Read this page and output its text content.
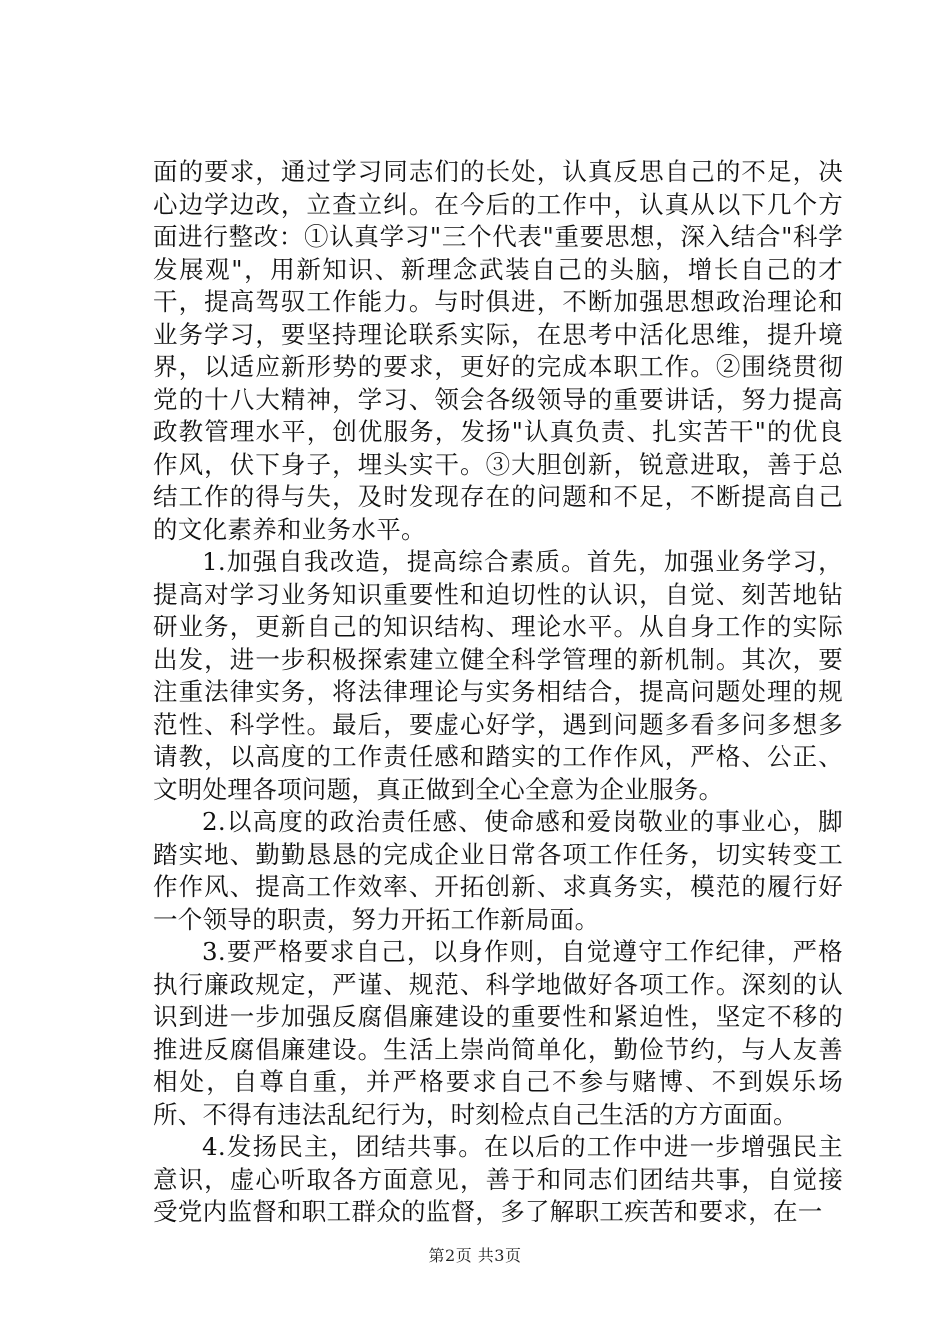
面的要求，通过学习同志们的长处，认真反思自己的不足，决心边学边改，立查立纠。在今后的工作中，认真从以下几个方面进行整改：①认真学习"三个代表"重要思想，深入结合"科学发展观"，用新知识、新理念武装自己的头脑，增长自己的才干，提高驾驭工作能力。与时俱进，不断加强思想政治理论和业务学习，要坚持理论联系实际，在思考中活化思维，提升境界，以适应新形势的要求，更好的完成本职工作。②围绕贯彻党的十八大精神，学习、领会各级领导的重要讲话，努力提高政教管理水平，创优服务，发扬"认真负责、扎实苦干"的优良作风，伏下身子，埋头实干。③大胆创新，锐意进取，善于总结工作的得与失，及时发现存在的问题和不足，不断提高自己的文化素养和业务水平。

1.加强自我改造，提高综合素质。首先，加强业务学习，提高对学习业务知识重要性和迫切性的认识，自觉、刻苦地钻研业务，更新自己的知识结构、理论水平。从自身工作的实际出发，进一步积极探索建立健全科学管理的新机制。其次，要注重法律实务，将法律理论与实务相结合，提高问题处理的规范性、科学性。最后，要虚心好学，遇到问题多看多问多想多请教，以高度的工作责任感和踏实的工作作风，严格、公正、文明处理各项问题，真正做到全心全意为企业服务。

2.以高度的政治责任感、使命感和爱岗敬业的事业心，脚踏实地、勤勤恳恳的完成企业日常各项工作任务，切实转变工作作风、提高工作效率、开拓创新、求真务实，模范的履行好一个领导的职责，努力开拓工作新局面。

3.要严格要求自己，以身作则，自觉遵守工作纪律，严格执行廉政规定，严谨、规范、科学地做好各项工作。深刻的认识到进一步加强反腐倡廉建设的重要性和紧迫性，坚定不移的推进反腐倡廉建设。生活上崇尚简单化，勤俭节约，与人友善相处，自尊自重，并严格要求自己不参与赌博、不到娱乐场所、不得有违法乱纪行为，时刻检点自己生活的方方面面。

4.发扬民主，团结共事。在以后的工作中进一步增强民主意识，虚心听取各方面意见，善于和同志们团结共事，自觉接受党内监督和职工群众的监督，多了解职工疾苦和要求，在一

第2页 共3页
